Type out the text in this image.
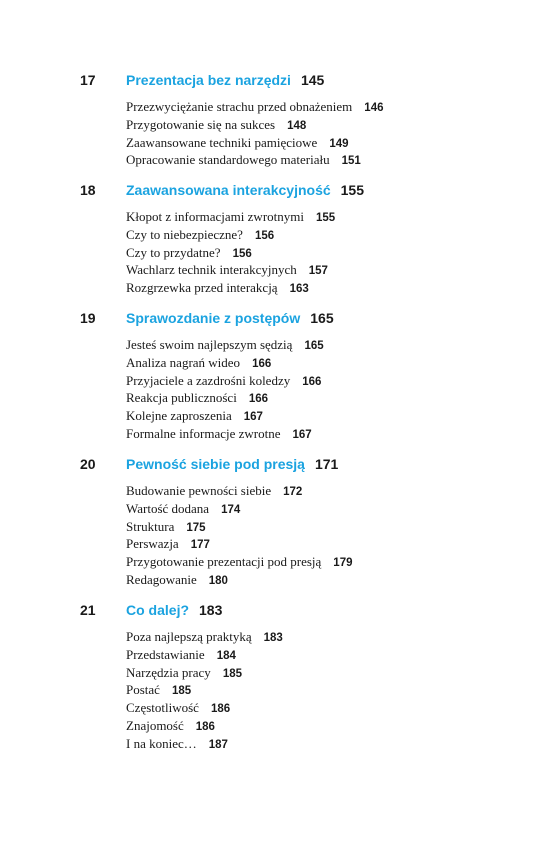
17 Prezentacja bez narzędzi 145
Przezwyciężanie strachu przed obnażeniem 146
Przygotowanie się na sukces 148
Zaawansowane techniki pamięciowe 149
Opracowanie standardowego materiału 151
18 Zaawansowana interakcyjność 155
Kłopot z informacjami zwrotnymi 155
Czy to niebezpieczne? 156
Czy to przydatne? 156
Wachlarz technik interakcyjnych 157
Rozgrzewka przed interakcją 163
19 Sprawozdanie z postępów 165
Jesteś swoim najlepszym sędzią 165
Analiza nagrań wideo 166
Przyjaciele a zazdrośni koledzy 166
Reakcja publiczności 166
Kolejne zaproszenia 167
Formalne informacje zwrotne 167
20 Pewność siebie pod presją 171
Budowanie pewności siebie 172
Wartość dodana 174
Struktura 175
Perswazja 177
Przygotowanie prezentacji pod presją 179
Redagowanie 180
21 Co dalej? 183
Poza najlepszą praktyką 183
Przedstawianie 184
Narzędzia pracy 185
Postać 185
Częstotliwość 186
Znajomość 186
I na koniec… 187
